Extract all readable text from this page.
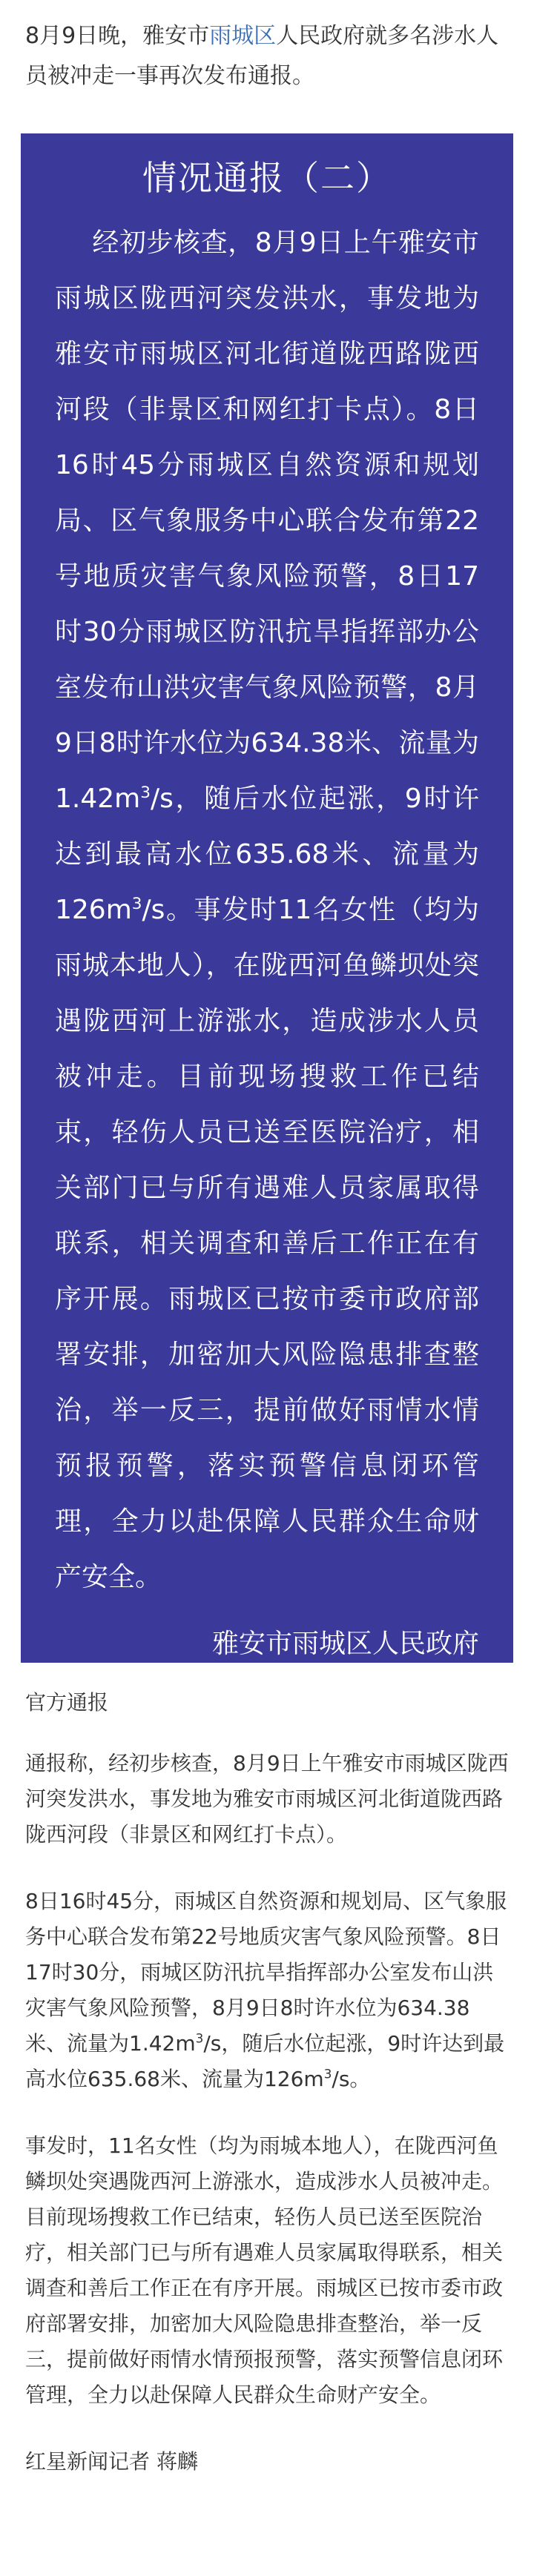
8月9日晚，雅安市雨城区人民政府就多名涉水人员被冲走一事再次发布通报。
情况通报（二）
经初步核查，8月9日上午雅安市雨城区陇西河突发洪水，事发地为雅安市雨城区河北街道陇西路陇西河段（非景区和网红打卡点）。8日16时45分雨城区自然资源和规划局、区气象服务中心联合发布第22号地质灾害气象风险预警，8日17时30分雨城区防汛抗旱指挥部办公室发布山洪灾害气象风险预警，8月9日8时许水位为634.38米、流量为$1.42m^3/s$，随后水位起涨，9时许达到最高水位635.68米、流量为$126m^3/s$。事发时11名女性（均为雨城本地人），在陇西河鱼鳞坝处突遇陇西河上游涨水，造成涉水人员被冲走。目前现场搜救工作已结束，轻伤人员已送至医院治疗，相关部门已与所有遇难人员家属取得联系，相关调查和善后工作正在有序开展。雨城区已按市委市政府部署安排，加密加大风险隐患排查整治，举一反三，提前做好雨情水情预报预警，落实预警信息闭环管理，全力以赴保障人民群众生命财产安全。
雅安市雨城区人民政府
2023年8月9日
官方通报

通报称，经初步核查，8月9日上午雅安市雨城区陇西河突发洪水，事发地为雅安市雨城区河北街道陇西路陇西河段（非景区和网红打卡点）。

8日16时45分，雨城区自然资源和规划局、区气象服务中心联合发布第22号地质灾害气象风险预警。8日17时30分，雨城区防汛抗旱指挥部办公室发布山洪灾害气象风险预警，8月9日8时许水位为634.38米、流量为$1.42m^3/s$，随后水位起涨，9时许达到最高水位635.68米、流量为$126m^3/s$。

事发时，11名女性（均为雨城本地人），在陇西河鱼鳞坝处突遇陇西河上游涨水，造成涉水人员被冲走。目前现场搜救工作已结束，轻伤人员已送至医院治疗，相关部门已与所有遇难人员家属取得联系，相关调查和善后工作正在有序开展。雨城区已按市委市政府部署安排，加密加大风险隐患排查整治，举一反三，提前做好雨情水情预报预警，落实预警信息闭环管理，全力以赴保障人民群众生命财产安全。

红星新闻记者 蒋麟
